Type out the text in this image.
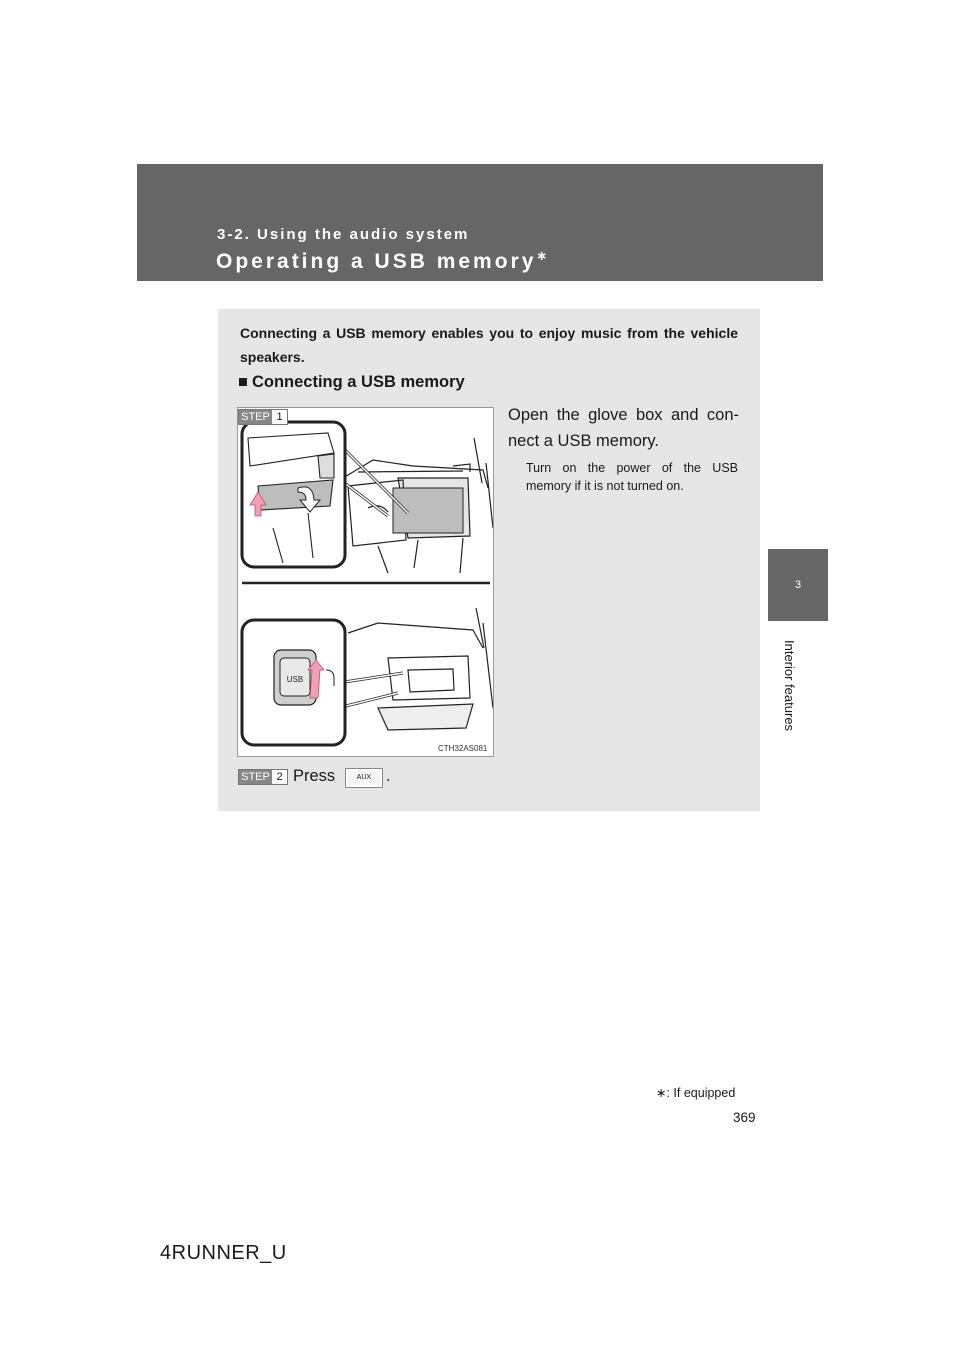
3-2. Using the audio system
Operating a USB memory∗
3
Interior features
Connecting a USB memory enables you to enjoy music from the vehicle speakers.
■ Connecting a USB memory
USB
CTH32AS081
STEP 1	Open the glove box and con- nect a USB memory.
Turn on the power of the USB memory if it is not turned on.
STEP 2 Press	AUX .
∗: If equipped
369
4RUNNER_U
